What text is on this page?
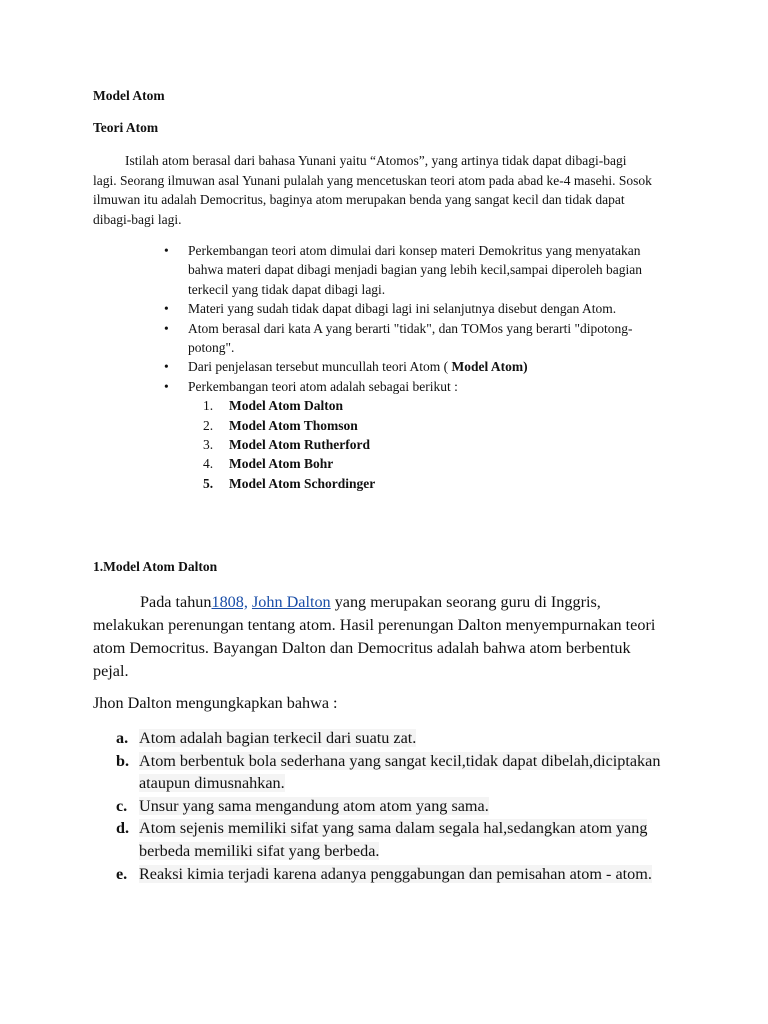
Model Atom

Teori Atom

Istilah atom berasal dari bahasa Yunani yaitu “Atomos”, yang artinya tidak dapat dibagi-bagi lagi. Seorang ilmuwan asal Yunani pulalah yang mencetuskan teori atom pada abad ke-4 masehi. Sosok ilmuwan itu adalah Democritus, baginya atom merupakan benda yang sangat kecil dan tidak dapat dibagi-bagi lagi.

• Perkembangan teori atom dimulai dari konsep materi Demokritus yang menyatakan bahwa materi dapat dibagi menjadi bagian yang lebih kecil,sampai diperoleh bagian terkecil yang tidak dapat dibagi lagi.
• Materi yang sudah tidak dapat dibagi lagi ini selanjutnya disebut dengan Atom.
• Atom berasal dari kata A yang berarti "tidak", dan TOMos yang berarti "dipotong-potong".
• Dari penjelasan tersebut muncullah teori Atom ( Model Atom)
• Perkembangan teori atom adalah sebagai berikut :
1. Model Atom Dalton
2. Model Atom Thomson
3. Model Atom Rutherford
4. Model Atom Bohr
5. Model Atom Schordinger

1.Model Atom Dalton

Pada tahun1808, John Dalton yang merupakan seorang guru di Inggris, melakukan perenungan tentang atom. Hasil perenungan Dalton menyempurnakan teori atom Democritus. Bayangan Dalton dan Democritus adalah bahwa atom berbentuk pejal.

Jhon Dalton mengungkapkan bahwa :

a. Atom adalah bagian terkecil dari suatu zat.
b. Atom berbentuk bola sederhana yang sangat kecil,tidak dapat dibelah,diciptakan ataupun dimusnahkan.
c. Unsur yang sama mengandung atom atom yang sama.
d. Atom sejenis memiliki sifat yang sama dalam segala hal,sedangkan atom yang berbeda memiliki sifat yang berbeda.
e. Reaksi kimia terjadi karena adanya penggabungan dan pemisahan atom - atom.
